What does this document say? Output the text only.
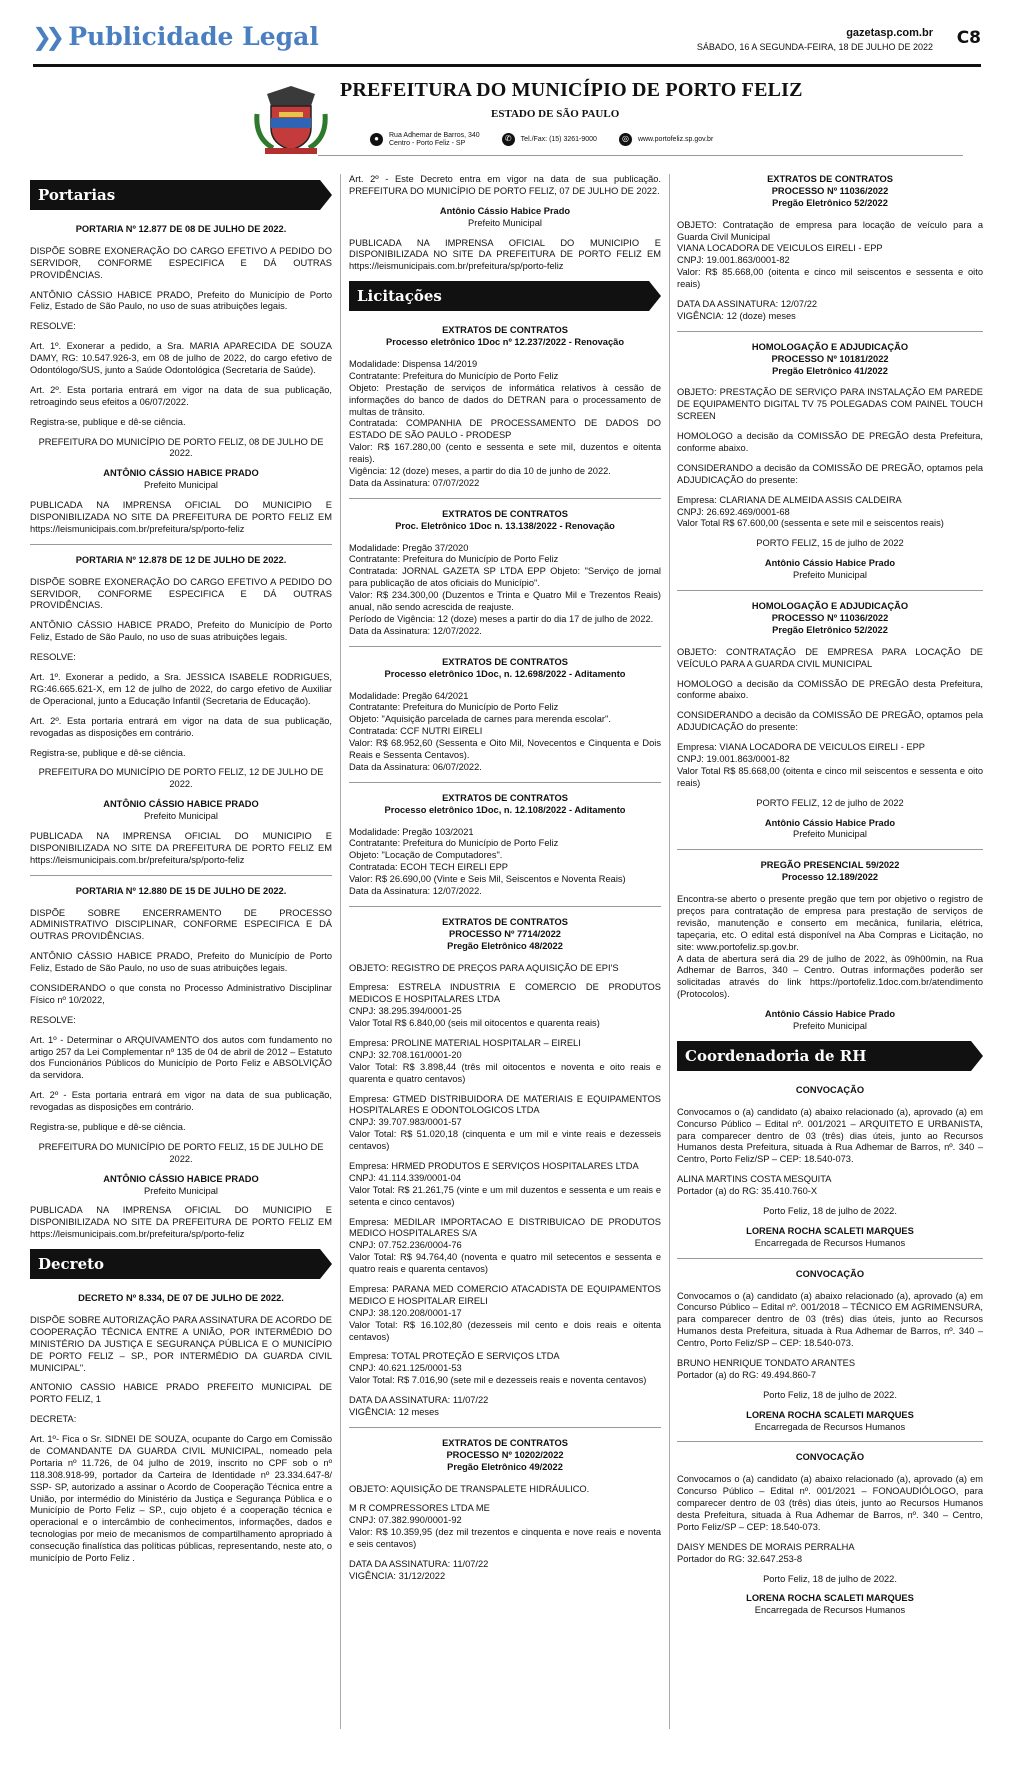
❯❯ Publicidade Legal	gazetasp.com.br
SÁBADO, 16 A SEGUNDA-FEIRA, 18 DE JULHO DE 2022 C8
PREFEITURA DO MUNICÍPIO DE PORTO FELIZ
ESTADO DE SÃO PAULO
●	Rua Adhemar de Barros, 340
Centro - Porto Feliz - SP	✆	Tel./Fax: (15) 3261-9000	◎	www.portofeliz.sp.gov.br
Portarias
PORTARIA Nº 12.877 DE 08 DE JULHO DE 2022.

DISPÕE SOBRE EXONERAÇÃO DO CARGO EFETIVO A PEDIDO DO SERVIDOR, CONFORME ESPECIFICA E DÁ OUTRAS PROVIDÊNCIAS.

ANTÔNIO CÁSSIO HABICE PRADO, Prefeito do Município de Porto Feliz, Estado de São Paulo, no uso de suas atribuições legais.

RESOLVE:

Art. 1º. Exonerar a pedido, a Sra. MARIA APARECIDA DE SOUZA DAMY, RG: 10.547.926-3, em 08 de julho de 2022, do cargo efetivo de Odontólogo/SUS, junto a Saúde Odontológica (Secretaria de Saúde).

Art. 2º. Esta portaria entrará em vigor na data de sua publicação, retroagindo seus efeitos a 06/07/2022.

Registra-se, publique e dê-se ciência.

PREFEITURA DO MUNICÍPIO DE PORTO FELIZ, 08 DE JULHO DE 2022.
ANTÔNIO CÁSSIO HABICE PRADO
Prefeito Municipal

PUBLICADA NA IMPRENSA OFICIAL DO MUNICIPIO E DISPONIBILIZADA NO SITE DA PREFEITURA DE PORTO FELIZ EM https://leismunicipais.com.br/prefeitura/sp/porto-feliz

PORTARIA Nº 12.878 DE 12 DE JULHO DE 2022.

DISPÕE SOBRE EXONERAÇÃO DO CARGO EFETIVO A PEDIDO DO SERVIDOR, CONFORME ESPECIFICA E DÁ OUTRAS PROVIDÊNCIAS.

ANTÔNIO CÁSSIO HABICE PRADO, Prefeito do Município de Porto Feliz, Estado de São Paulo, no uso de suas atribuições legais.

RESOLVE:

Art. 1º. Exonerar a pedido, a Sra. JESSICA ISABELE RODRIGUES, RG:46.665.621-X, em 12 de julho de 2022, do cargo efetivo de Auxiliar de Operacional, junto a Educação Infantil (Secretaria de Educação).

Art. 2º. Esta portaria entrará em vigor na data de sua publicação, revogadas as disposições em contrário.

Registra-se, publique e dê-se ciência.

PREFEITURA DO MUNICÍPIO DE PORTO FELIZ, 12 DE JULHO DE 2022.
ANTÔNIO CÁSSIO HABICE PRADO
Prefeito Municipal

PUBLICADA NA IMPRENSA OFICIAL DO MUNICIPIO E DISPONIBILIZADA NO SITE DA PREFEITURA DE PORTO FELIZ EM https://leismunicipais.com.br/prefeitura/sp/porto-feliz

PORTARIA Nº 12.880 DE 15 DE JULHO DE 2022.

DISPÕE SOBRE ENCERRAMENTO DE PROCESSO ADMINISTRATIVO DISCIPLINAR, CONFORME ESPECIFICA E DÁ OUTRAS PROVIDÊNCIAS.

ANTÔNIO CÁSSIO HABICE PRADO, Prefeito do Município de Porto Feliz, Estado de São Paulo, no uso de suas atribuições legais.

CONSIDERANDO o que consta no Processo Administrativo Disciplinar Físico nº 10/2022,

RESOLVE:

Art. 1º - Determinar o ARQUIVAMENTO dos autos com fundamento no artigo 257 da Lei Complementar nº 135 de 04 de abril de 2012 – Estatuto dos Funcionários Públicos do Município de Porto Feliz e ABSOLVIÇÃO da servidora.

Art. 2º - Esta portaria entrará em vigor na data de sua publicação, revogadas as disposições em contrário.

Registra-se, publique e dê-se ciência.

PREFEITURA DO MUNICÍPIO DE PORTO FELIZ, 15 DE JULHO DE 2022.
ANTÔNIO CÁSSIO HABICE PRADO
Prefeito Municipal

PUBLICADA NA IMPRENSA OFICIAL DO MUNICIPIO E DISPONIBILIZADA NO SITE DA PREFEITURA DE PORTO FELIZ EM https://leismunicipais.com.br/prefeitura/sp/porto-feliz

Decreto
DECRETO Nº 8.334, DE 07 DE JULHO DE 2022.

DISPÕE SOBRE AUTORIZAÇÃO PARA ASSINATURA DE ACORDO DE COOPERAÇÃO TÉCNICA ENTRE A UNIÃO, POR INTERMÉDIO DO MINISTÉRIO DA JUSTIÇA E SEGURANÇA PÚBLICA E O MUNICÍPIO DE PORTO FELIZ – SP., POR INTERMÉDIO DA GUARDA CIVIL MUNICIPAL".

ANTONIO CASSIO HABICE PRADO PREFEITO MUNICIPAL DE PORTO FELIZ, 1

DECRETA:

Art. 1º- Fica o Sr. SIDNEI DE SOUZA, ocupante do Cargo em Comissão de COMANDANTE DA GUARDA CIVIL MUNICIPAL, nomeado pela Portaria nº 11.726, de 04 julho de 2019, inscrito no CPF sob o nº 118.308.918-99, portador da Carteira de Identidade nº 23.334.647-8/ SSP- SP, autorizado a assinar o Acordo de Cooperação Técnica entre a União, por intermédio do Ministério da Justiça e Segurança Pública e o Município de Porto Feliz – SP., cujo objeto é a cooperação técnica e operacional e o intercâmbio de conhecimentos, informações, dados e tecnologias por meio de mecanismos de compartilhamento apropriado à consecução finalística das políticas públicas, representando, neste ato, o município de Porto Feliz .

Art. 2º - Este Decreto entra em vigor na data de sua publicação. PREFEITURA DO MUNICÍPIO DE PORTO FELIZ, 07 DE JULHO DE 2022.

Antônio Cássio Habice Prado
Prefeito Municipal

PUBLICADA NA IMPRENSA OFICIAL DO MUNICIPIO E DISPONIBILIZADA NO SITE DA PREFEITURA DE PORTO FELIZ EM https://leismunicipais.com.br/prefeitura/sp/porto-feliz

Licitações
EXTRATOS DE CONTRATOS
Processo eletrônico 1Doc nº 12.237/2022 - Renovação

Modalidade: Dispensa 14/2019
Contratante: Prefeitura do Município de Porto Feliz
Objeto: Prestação de serviços de informática relativos à cessão de informações do banco de dados do DETRAN para o processamento de multas de trânsito.
Contratada: COMPANHIA DE PROCESSAMENTO DE DADOS DO ESTADO DE SÃO PAULO - PRODESP
Valor: R$ 167.280,00 (cento e sessenta e sete mil, duzentos e oitenta reais).
Vigência: 12 (doze) meses, a partir do dia 10 de junho de 2022.
Data da Assinatura: 07/07/2022

EXTRATOS DE CONTRATOS
Proc. Eletrônico 1Doc n. 13.138/2022 - Renovação

Modalidade: Pregão 37/2020
Contratante: Prefeitura do Município de Porto Feliz
Contratada: JORNAL GAZETA SP LTDA EPP Objeto: "Serviço de jornal para publicação de atos oficiais do Município".
Valor: R$ 234.300,00 (Duzentos e Trinta e Quatro Mil e Trezentos Reais) anual, não sendo acrescida de reajuste.
Período de Vigência: 12 (doze) meses a partir do dia 17 de julho de 2022.
Data da Assinatura: 12/07/2022.

EXTRATOS DE CONTRATOS
Processo eletrônico 1Doc, n. 12.698/2022 - Aditamento

Modalidade: Pregão 64/2021
Contratante: Prefeitura do Município de Porto Feliz
Objeto: "Aquisição parcelada de carnes para merenda escolar".
Contratada: CCF NUTRI EIRELI
Valor: R$ 68.952,60 (Sessenta e Oito Mil, Novecentos e Cinquenta e Dois Reais e Sessenta Centavos).
Data da Assinatura: 06/07/2022.

EXTRATOS DE CONTRATOS
Processo eletrônico 1Doc, n. 12.108/2022 - Aditamento

Modalidade: Pregão 103/2021
Contratante: Prefeitura do Município de Porto Feliz
Objeto: "Locação de Computadores".
Contratada: ECOH TECH EIRELI EPP
Valor: R$ 26.690,00 (Vinte e Seis Mil, Seiscentos e Noventa Reais)
Data da Assinatura: 12/07/2022.

EXTRATOS DE CONTRATOS
PROCESSO Nº 7714/2022
Pregão Eletrônico 48/2022

OBJETO: REGISTRO DE PREÇOS PARA AQUISIÇÃO DE EPI'S

Empresa: ESTRELA INDUSTRIA E COMERCIO DE PRODUTOS MEDICOS E HOSPITALARES LTDA
CNPJ: 38.295.394/0001-25
Valor Total R$ 6.840,00 (seis mil oitocentos e quarenta reais)

Empresa: PROLINE MATERIAL HOSPITALAR – EIRELI
CNPJ: 32.708.161/0001-20
Valor Total: R$ 3.898,44 (três mil oitocentos e noventa e oito reais e quarenta e quatro centavos)

Empresa: GTMED DISTRIBUIDORA DE MATERIAIS E EQUIPAMENTOS HOSPITALARES E ODONTOLOGICOS LTDA
CNPJ: 39.707.983/0001-57
Valor Total: R$ 51.020,18 (cinquenta e um mil e vinte reais e dezesseis centavos)

Empresa: HRMED PRODUTOS E SERVIÇOS HOSPITALARES LTDA
CNPJ: 41.114.339/0001-04
Valor Total: R$ 21.261,75 (vinte e um mil duzentos e sessenta e um reais e setenta e cinco centavos)

Empresa: MEDILAR IMPORTACAO E DISTRIBUICAO DE PRODUTOS MEDICO HOSPITALARES S/A
CNPJ: 07.752.236/0004-76
Valor Total: R$ 94.764,40 (noventa e quatro mil setecentos e sessenta e quatro reais e quarenta centavos)

Empresa: PARANA MED COMERCIO ATACADISTA DE EQUIPAMENTOS MEDICO E HOSPITALAR EIRELI
CNPJ: 38.120.208/0001-17
Valor Total: R$ 16.102,80 (dezesseis mil cento e dois reais e oitenta centavos)

Empresa: TOTAL PROTEÇÃO E SERVIÇOS LTDA
CNPJ: 40.621.125/0001-53
Valor Total: R$ 7.016,90 (sete mil e dezesseis reais e noventa centavos)

DATA DA ASSINATURA: 11/07/22
VIGÊNCIA: 12 meses

EXTRATOS DE CONTRATOS
PROCESSO Nº 10202/2022
Pregão Eletrônico 49/2022

OBJETO: AQUISIÇÃO DE TRANSPALETE HIDRÁULICO.

M R COMPRESSORES LTDA ME
CNPJ: 07.382.990/0001-92
Valor: R$ 10.359,95 (dez mil trezentos e cinquenta e nove reais e noventa e seis centavos)

DATA DA ASSINATURA: 11/07/22
VIGÊNCIA: 31/12/2022

EXTRATOS DE CONTRATOS
PROCESSO Nº 11036/2022
Pregão Eletrônico 52/2022

OBJETO: Contratação de empresa para locação de veículo para a Guarda Civil Municipal
VIANA LOCADORA DE VEICULOS EIRELI - EPP
CNPJ: 19.001.863/0001-82
Valor: R$ 85.668,00 (oitenta e cinco mil seiscentos e sessenta e oito reais)

DATA DA ASSINATURA: 12/07/22
VIGÊNCIA: 12 (doze) meses

HOMOLOGAÇÃO E ADJUDICAÇÃO
PROCESSO Nº 10181/2022
Pregão Eletrônico 41/2022

OBJETO: PRESTAÇÃO DE SERVIÇO PARA INSTALAÇÃO EM PAREDE DE EQUIPAMENTO DIGITAL TV 75 POLEGADAS COM PAINEL TOUCH SCREEN

HOMOLOGO a decisão da COMISSÃO DE PREGÃO desta Prefeitura, conforme abaixo.

CONSIDERANDO a decisão da COMISSÃO DE PREGÃO, optamos pela ADJUDICAÇÃO do presente:

Empresa: CLARIANA DE ALMEIDA ASSIS CALDEIRA
CNPJ: 26.692.469/0001-68
Valor Total R$ 67.600,00 (sessenta e sete mil e seiscentos reais)

PORTO FELIZ, 15 de julho de 2022
Antônio Cássio Habice Prado
Prefeito Municipal
HOMOLOGAÇÃO E ADJUDICAÇÃO
PROCESSO Nº 11036/2022
Pregão Eletrônico 52/2022

OBJETO: CONTRATAÇÃO DE EMPRESA PARA LOCAÇÃO DE VEÍCULO PARA A GUARDA CIVIL MUNICIPAL

HOMOLOGO a decisão da COMISSÃO DE PREGÃO desta Prefeitura, conforme abaixo.

CONSIDERANDO a decisão da COMISSÃO DE PREGÃO, optamos pela ADJUDICAÇÃO do presente:

Empresa: VIANA LOCADORA DE VEICULOS EIRELI - EPP
CNPJ: 19.001.863/0001-82
Valor Total R$ 85.668,00 (oitenta e cinco mil seiscentos e sessenta e oito reais)

PORTO FELIZ, 12 de julho de 2022
Antônio Cássio Habice Prado
Prefeito Municipal
PREGÃO PRESENCIAL 59/2022
Processo 12.189/2022

Encontra-se aberto o presente pregão que tem por objetivo o registro de preços para contratação de empresa para prestação de serviços de revisão, manutenção e conserto em mecânica, funilaria, elétrica, tapeçaria, etc. O edital está disponível na Aba Compras e Licitação, no site: www.portofeliz.sp.gov.br.
A data de abertura será dia 29 de julho de 2022, às 09h00min, na Rua Adhemar de Barros, 340 – Centro. Outras informações poderão ser solicitadas através do link https://portofeliz.1doc.com.br/atendimento (Protocolos).

Antônio Cássio Habice Prado
Prefeito Municipal
Coordenadoria de RH
CONVOCAÇÃO

Convocamos o (a) candidato (a) abaixo relacionado (a), aprovado (a) em Concurso Público – Edital nº. 001/2021 – ARQUITETO E URBANISTA, para comparecer dentro de 03 (três) dias úteis, junto ao Recursos Humanos desta Prefeitura, situada à Rua Adhemar de Barros, nº. 340 – Centro, Porto Feliz/SP – CEP: 18.540-073.

ALINA MARTINS COSTA MESQUITA
Portador (a) do RG: 35.410.760-X

Porto Feliz, 18 de julho de 2022.
LORENA ROCHA SCALETI MARQUES
Encarregada de Recursos Humanos
CONVOCAÇÃO

Convocamos o (a) candidato (a) abaixo relacionado (a), aprovado (a) em Concurso Público – Edital nº. 001/2018 – TÉCNICO EM AGRIMENSURA, para comparecer dentro de 03 (três) dias úteis, junto ao Recursos Humanos desta Prefeitura, situada à Rua Adhemar de Barros, nº. 340 – Centro, Porto Feliz/SP – CEP: 18.540-073.

BRUNO HENRIQUE TONDATO ARANTES
Portador (a) do RG: 49.494.860-7

Porto Feliz, 18 de julho de 2022.
LORENA ROCHA SCALETI MARQUES
Encarregada de Recursos Humanos
CONVOCAÇÃO

Convocamos o (a) candidato (a) abaixo relacionado (a), aprovado (a) em Concurso Público – Edital nº. 001/2021 – FONOAUDIÓLOGO, para comparecer dentro de 03 (três) dias úteis, junto ao Recursos Humanos desta Prefeitura, situada à Rua Adhemar de Barros, nº. 340 – Centro, Porto Feliz/SP – CEP: 18.540-073.

DAISY MENDES DE MORAIS PERRALHA
Portador do RG: 32.647.253-8

Porto Feliz, 18 de julho de 2022.
LORENA ROCHA SCALETI MARQUES
Encarregada de Recursos Humanos
